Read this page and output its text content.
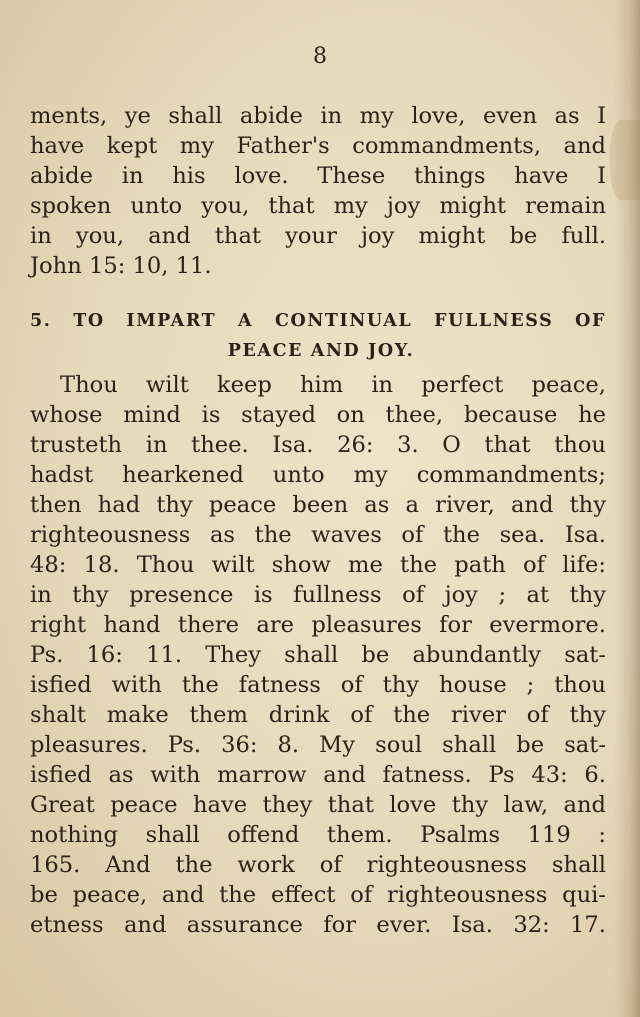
8
ments, ye shall abide in my love, even as I
have kept my Father's commandments, and
abide in his love. These things have I
spoken unto you, that my joy might remain
in you, and that your joy might be full.
John 15: 10, 11.
5. TO IMPART A CONTINUAL FULLNESS OF
PEACE AND JOY.
Thou wilt keep him in perfect peace,
whose mind is stayed on thee, because he
trusteth in thee. Isa. 26: 3. O that thou
hadst hearkened unto my commandments;
then had thy peace been as a river, and thy
righteousness as the waves of the sea. Isa.
48: 18. Thou wilt show me the path of life:
in thy presence is fullness of joy ; at thy
right hand there are pleasures for evermore.
Ps. 16: 11. They shall be abundantly sat-
isfied with the fatness of thy house ; thou
shalt make them drink of the river of thy
pleasures. Ps. 36: 8. My soul shall be sat-
isfied as with marrow and fatness. Ps 43: 6.
Great peace have they that love thy law, and
nothing shall offend them. Psalms 119 :
165. And the work of righteousness shall
be peace, and the effect of righteousness qui-
etness and assurance for ever. Isa. 32: 17.
